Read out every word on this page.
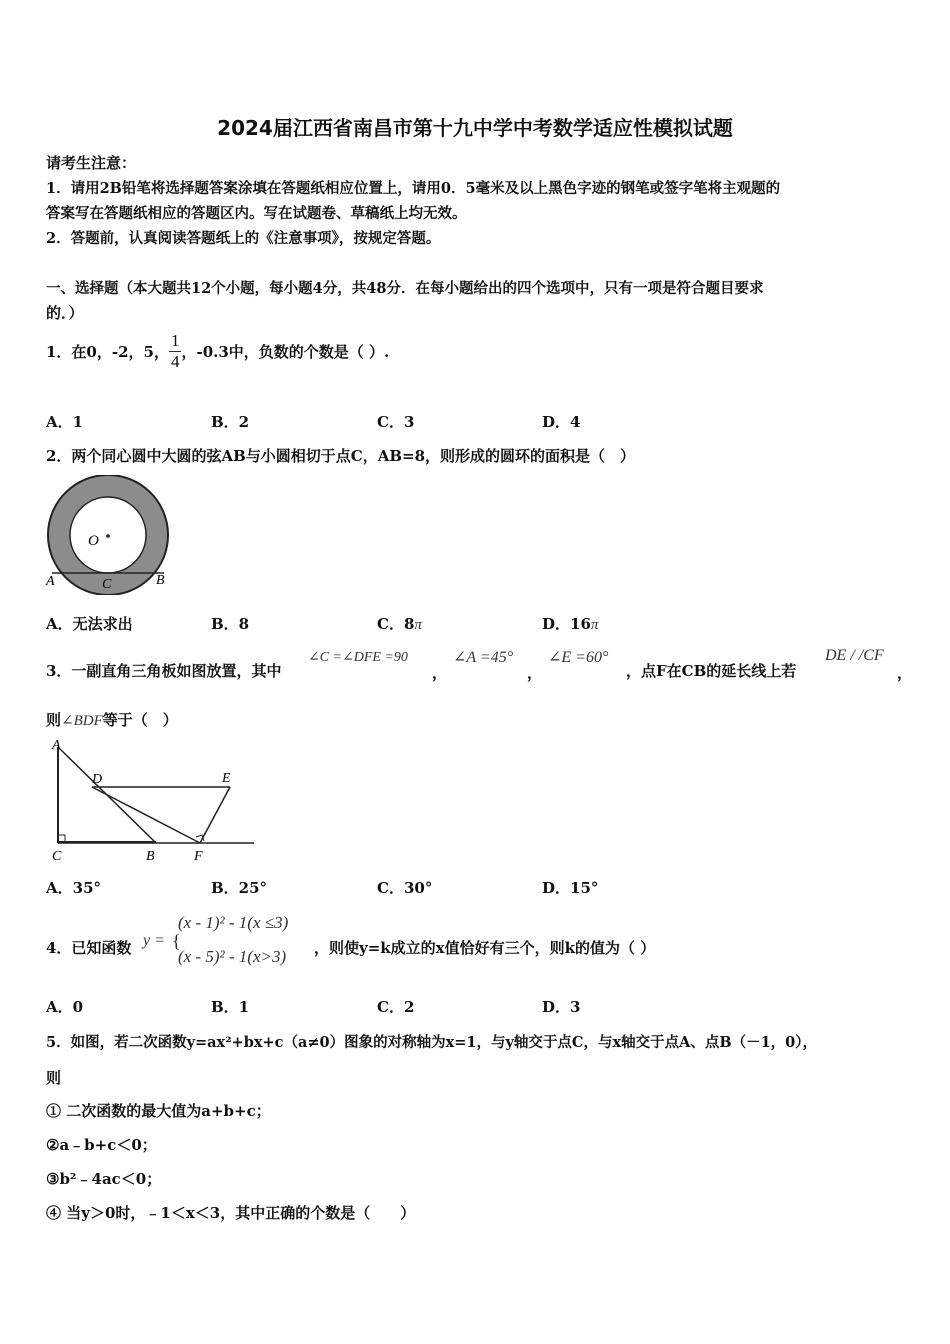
2024届江西省南昌市第十九中学中考数学适应性模拟试题
请考生注意：
1．请用2B铅笔将选择题答案涂填在答题纸相应位置上，请用0．5毫米及以上黑色字迹的钢笔或签字笔将主观题的
答案写在答题纸相应的答题区内。写在试题卷、草稿纸上均无效。
2．答题前，认真阅读答题纸上的《注意事项》，按规定答题。
一、选择题（本大题共12个小题，每小题4分，共48分．在每小题给出的四个选项中，只有一项是符合题目要求
的．）
1．在0，-2，5， $\frac{1}{4}$ ，-0.3中，负数的个数是（ ）.
A．1	B．2	C．3	D．4
2．两个同心圆中大圆的弦AB与小圆相切于点C，AB=8，则形成的圆环的面积是（　）
O
A	C	B
A．无法求出	B．8	C．8π	D．16π
3．一副直角三角板如图放置，其中
∠C =∠DFE =90
，
∠A =45°
，
∠E =60°
，点F在CB的延长线上若
DE / /CF
，
则∠BDF等于（　）
A
C	B	F
D	E
A．35°	B．25°	C．30°	D．15°
4．已知函数 y = {
(x - 1)² - 1(x ≤3)
(x - 5)² - 1(x>3) ，则使y=k成立的x值恰好有三个，则k的值为（ ）
A．0	B．1	C．2	D．3
5．如图，若二次函数y=ax²+bx+c（a≠0）图象的对称轴为x=1，与y轴交于点C，与x轴交于点A、点B（－1，0），
则
① 二次函数的最大值为a+b+c；
②a﹣b+c＜0；
③b²﹣4ac＜0；
④ 当y＞0时，﹣1＜x＜3，其中正确的个数是（　　）
